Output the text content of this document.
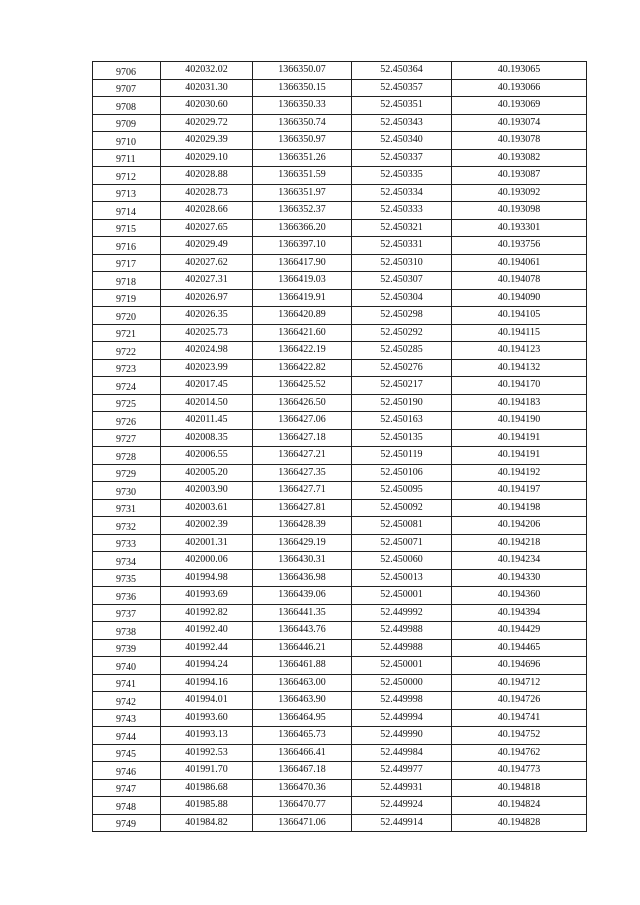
9706	402032.02	1366350.07	52.450364	40.193065
9707	402031.30	1366350.15	52.450357	40.193066
9708	402030.60	1366350.33	52.450351	40.193069
9709	402029.72	1366350.74	52.450343	40.193074
9710	402029.39	1366350.97	52.450340	40.193078
9711	402029.10	1366351.26	52.450337	40.193082
9712	402028.88	1366351.59	52.450335	40.193087
9713	402028.73	1366351.97	52.450334	40.193092
9714	402028.66	1366352.37	52.450333	40.193098
9715	402027.65	1366366.20	52.450321	40.193301
9716	402029.49	1366397.10	52.450331	40.193756
9717	402027.62	1366417.90	52.450310	40.194061
9718	402027.31	1366419.03	52.450307	40.194078
9719	402026.97	1366419.91	52.450304	40.194090
9720	402026.35	1366420.89	52.450298	40.194105
9721	402025.73	1366421.60	52.450292	40.194115
9722	402024.98	1366422.19	52.450285	40.194123
9723	402023.99	1366422.82	52.450276	40.194132
9724	402017.45	1366425.52	52.450217	40.194170
9725	402014.50	1366426.50	52.450190	40.194183
9726	402011.45	1366427.06	52.450163	40.194190
9727	402008.35	1366427.18	52.450135	40.194191
9728	402006.55	1366427.21	52.450119	40.194191
9729	402005.20	1366427.35	52.450106	40.194192
9730	402003.90	1366427.71	52.450095	40.194197
9731	402003.61	1366427.81	52.450092	40.194198
9732	402002.39	1366428.39	52.450081	40.194206
9733	402001.31	1366429.19	52.450071	40.194218
9734	402000.06	1366430.31	52.450060	40.194234
9735	401994.98	1366436.98	52.450013	40.194330
9736	401993.69	1366439.06	52.450001	40.194360
9737	401992.82	1366441.35	52.449992	40.194394
9738	401992.40	1366443.76	52.449988	40.194429
9739	401992.44	1366446.21	52.449988	40.194465
9740	401994.24	1366461.88	52.450001	40.194696
9741	401994.16	1366463.00	52.450000	40.194712
9742	401994.01	1366463.90	52.449998	40.194726
9743	401993.60	1366464.95	52.449994	40.194741
9744	401993.13	1366465.73	52.449990	40.194752
9745	401992.53	1366466.41	52.449984	40.194762
9746	401991.70	1366467.18	52.449977	40.194773
9747	401986.68	1366470.36	52.449931	40.194818
9748	401985.88	1366470.77	52.449924	40.194824
9749	401984.82	1366471.06	52.449914	40.194828
